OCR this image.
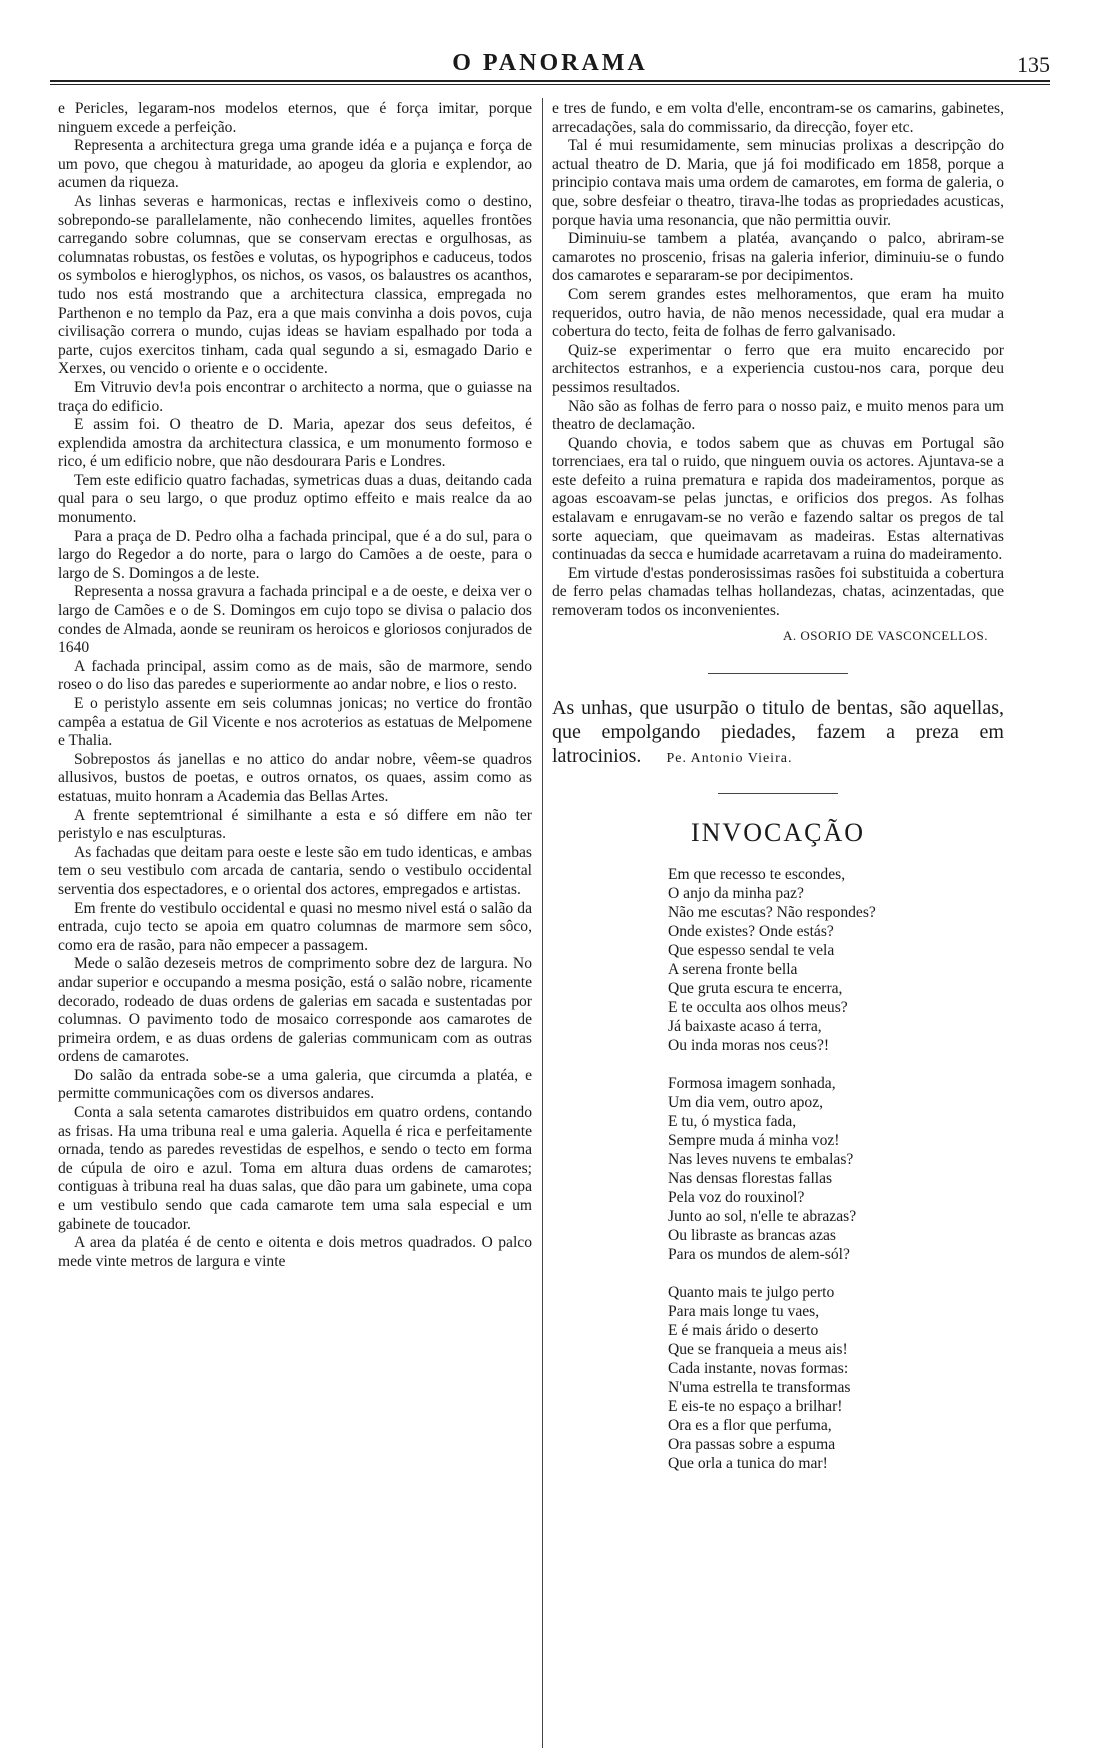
O PANORAMA	135

e Pericles, legaram-nos modelos eternos, que é força imitar, porque ninguem excede a perfeição.

Representa a architectura grega uma grande idéa e a pujança e força de um povo, que chegou à maturidade, ao apogeu da gloria e explendor, ao acumen da riqueza.

As linhas severas e harmonicas, rectas e inflexiveis como o destino, sobrepondo-se parallelamente, não conhecendo limites, aquelles frontões carregando sobre columnas, que se conservam erectas e orgulhosas, as columnatas robustas, os festões e volutas, os hypogriphos e caduceus, todos os symbolos e hieroglyphos, os nichos, os vasos, os balaustres os acanthos, tudo nos está mostrando que a architectura classica, empregada no Parthenon e no templo da Paz, era a que mais convinha a dois povos, cuja civilisação correra o mundo, cujas ideas se haviam espalhado por toda a parte, cujos exercitos tinham, cada qual segundo a si, esmagado Dario e Xerxes, ou vencido o oriente e o occidente.

Em Vitruvio dev!a pois encontrar o architecto a norma, que o guiasse na traça do edificio.

E assim foi. O theatro de D. Maria, apezar dos seus defeitos, é explendida amostra da architectura classica, e um monumento formoso e rico, é um edificio nobre, que não desdourara Paris e Londres.

Tem este edificio quatro fachadas, symetricas duas a duas, deitando cada qual para o seu largo, o que produz optimo effeito e mais realce da ao monumento.

Para a praça de D. Pedro olha a fachada principal, que é a do sul, para o largo do Regedor a do norte, para o largo do Camões a de oeste, para o largo de S. Domingos a de leste.

Representa a nossa gravura a fachada principal e a de oeste, e deixa ver o largo de Camões e o de S. Domingos em cujo topo se divisa o palacio dos condes de Almada, aonde se reuniram os heroicos e gloriosos conjurados de 1640

A fachada principal, assim como as de mais, são de marmore, sendo roseo o do liso das paredes e superiormente ao andar nobre, e lios o resto.

E o peristylo assente em seis columnas jonicas; no vertice do frontão campêa a estatua de Gil Vicente e nos acroterios as estatuas de Melpomene e Thalia.

Sobrepostos ás janellas e no attico do andar nobre, vêem-se quadros allusivos, bustos de poetas, e outros ornatos, os quaes, assim como as estatuas, muito honram a Academia das Bellas Artes.

A frente septemtrional é similhante a esta e só differe em não ter peristylo e nas esculpturas.

As fachadas que deitam para oeste e leste são em tudo identicas, e ambas tem o seu vestibulo com arcada de cantaria, sendo o vestibulo occidental serventia dos espectadores, e o oriental dos actores, empregados e artistas.

Em frente do vestibulo occidental e quasi no mesmo nivel está o salão da entrada, cujo tecto se apoia em quatro columnas de marmore sem sôco, como era de rasão, para não empecer a passagem.

Mede o salão dezeseis metros de comprimento sobre dez de largura. No andar superior e occupando a mesma posição, está o salão nobre, ricamente decorado, rodeado de duas ordens de galerias em sacada e sustentadas por columnas. O pavimento todo de mosaico corresponde aos camarotes de primeira ordem, e as duas ordens de galerias communicam com as outras ordens de camarotes.

Do salão da entrada sobe-se a uma galeria, que circumda a platéa, e permitte communicações com os diversos andares.

Conta a sala setenta camarotes distribuidos em quatro ordens, contando as frisas. Ha uma tribuna real e uma galeria. Aquella é rica e perfeitamente ornada, tendo as paredes revestidas de espelhos, e sendo o tecto em forma de cúpula de oiro e azul. Toma em altura duas ordens de camarotes; contiguas à tribuna real ha duas salas, que dão para um gabinete, uma copa e um vestibulo sendo que cada camarote tem uma sala especial e um gabinete de toucador.

A area da platéa é de cento e oitenta e dois metros quadrados. O palco mede vinte metros de largura e vinte

e tres de fundo, e em volta d'elle, encontram-se os camarins, gabinetes, arrecadações, sala do commissario, da direcção, foyer etc.

Tal é mui resumidamente, sem minucias prolixas a descripção do actual theatro de D. Maria, que já foi modificado em 1858, porque a principio contava mais uma ordem de camarotes, em forma de galeria, o que, sobre desfeiar o theatro, tirava-lhe todas as propriedades acusticas, porque havia uma resonancia, que não permittia ouvir.

Diminuiu-se tambem a platéa, avançando o palco, abriram-se camarotes no proscenio, frisas na galeria inferior, diminuiu-se o fundo dos camarotes e separaram-se por decipimentos.

Com serem grandes estes melhoramentos, que eram ha muito requeridos, outro havia, de não menos necessidade, qual era mudar a cobertura do tecto, feita de folhas de ferro galvanisado.

Quiz-se experimentar o ferro que era muito encarecido por architectos estranhos, e a experiencia custou-nos cara, porque deu pessimos resultados.

Não são as folhas de ferro para o nosso paiz, e muito menos para um theatro de declamação.

Quando chovia, e todos sabem que as chuvas em Portugal são torrenciaes, era tal o ruido, que ninguem ouvia os actores. Ajuntava-se a este defeito a ruina prematura e rapida dos madeiramentos, porque as agoas escoavam-se pelas junctas, e orificios dos pregos. As folhas estalavam e enrugavam-se no verão e fazendo saltar os pregos de tal sorte aqueciam, que queimavam as madeiras. Estas alternativas continuadas da secca e humidade acarretavam a ruina do madeiramento.

Em virtude d'estas ponderosissimas rasões foi substituida a cobertura de ferro pelas chamadas telhas hollandezas, chatas, acinzentadas, que removeram todos os inconvenientes.

A. OSORIO DE VASCONCELLOS.
As unhas, que usurpão o titulo de bentas, são aquellas, que empolgando piedades, fazem a preza em latrocinios. Pe. Antonio Vieira.
INVOCAÇÃO
Em que recesso te escondes,
O anjo da minha paz?
Não me escutas? Não respondes?
Onde existes? Onde estás?
Que espesso sendal te vela
A serena fronte bella
Que gruta escura te encerra,
E te occulta aos olhos meus?
Já baixaste acaso á terra,
Ou inda moras nos ceus?!
Formosa imagem sonhada,
Um dia vem, outro apoz,
E tu, ó mystica fada,
Sempre muda á minha voz!
Nas leves nuvens te embalas?
Nas densas florestas fallas
Pela voz do rouxinol?
Junto ao sol, n'elle te abrazas?
Ou libraste as brancas azas
Para os mundos de alem-sól?
Quanto mais te julgo perto
Para mais longe tu vaes,
E é mais árido o deserto
Que se franqueia a meus ais!
Cada instante, novas formas:
N'uma estrella te transformas
E eis-te no espaço a brilhar!
Ora es a flor que perfuma,
Ora passas sobre a espuma
Que orla a tunica do mar!
